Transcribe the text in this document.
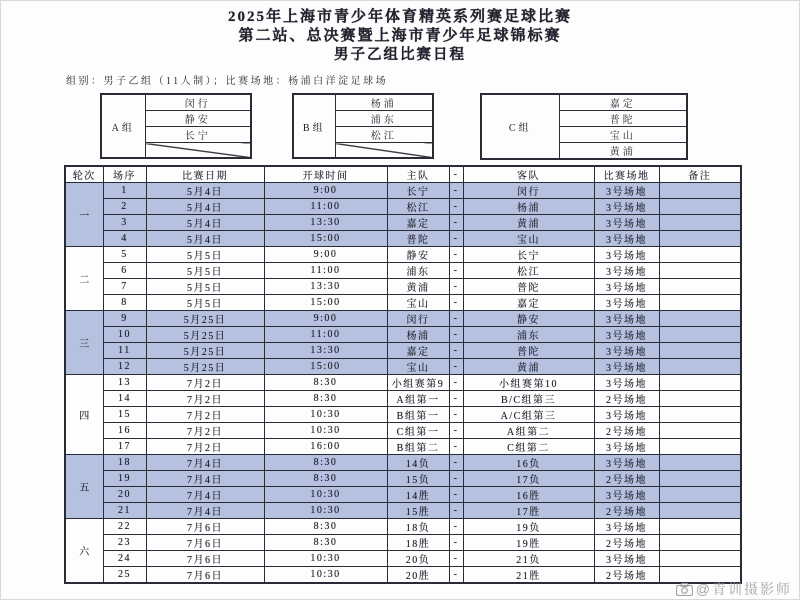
2025年上海市青少年体育精英系列赛足球比赛
第二站、总决赛暨上海市青少年足球锦标赛
男子乙组比赛日程
组别：男子乙组（11人制）；比赛场地：杨浦白洋淀足球场
A组	闵行
静安
长宁

B组	杨浦
浦东
松江

C组	嘉定
普陀
宝山
黄浦
轮次	场序	比赛日期	开球时间	主队	-	客队	比赛场地	备注
一	1	5月4日	9:00	长宁	-	闵行	3号场地	
	2	5月4日	11:00	松江	-	杨浦	3号场地	
	3	5月4日	13:30	嘉定	-	黄浦	3号场地	
	4	5月4日	15:00	普陀	-	宝山	3号场地	
二	5	5月5日	9:00	静安	-	长宁	3号场地	
	6	5月5日	11:00	浦东	-	松江	3号场地	
	7	5月5日	13:30	黄浦	-	普陀	3号场地	
	8	5月5日	15:00	宝山	-	嘉定	3号场地	
三	9	5月25日	9:00	闵行	-	静安	3号场地	
	10	5月25日	11:00	杨浦	-	浦东	3号场地	
	11	5月25日	13:30	嘉定	-	普陀	3号场地	
	12	5月25日	15:00	宝山	-	黄浦	3号场地	
四	13	7月2日	8:30	小组赛第9	-	小组赛第10	3号场地	
	14	7月2日	8:30	A组第一	-	B/C组第三	2号场地	
	15	7月2日	10:30	B组第一	-	A/C组第三	3号场地	
	16	7月2日	10:30	C组第一	-	A组第二	2号场地	
	17	7月2日	16:00	B组第二	-	C组第二	3号场地	
五	18	7月4日	8:30	14负	-	16负	3号场地	
	19	7月4日	8:30	15负	-	17负	2号场地	
	20	7月4日	10:30	14胜	-	16胜	3号场地	
	21	7月4日	10:30	15胜	-	17胜	2号场地	
六	22	7月6日	8:30	18负	-	19负	3号场地	
	23	7月6日	8:30	18胜	-	19胜	2号场地	
	24	7月6日	10:30	20负	-	21负	3号场地	
	25	7月6日	10:30	20胜	-	21胜	2号场地	
@青训摄影师
